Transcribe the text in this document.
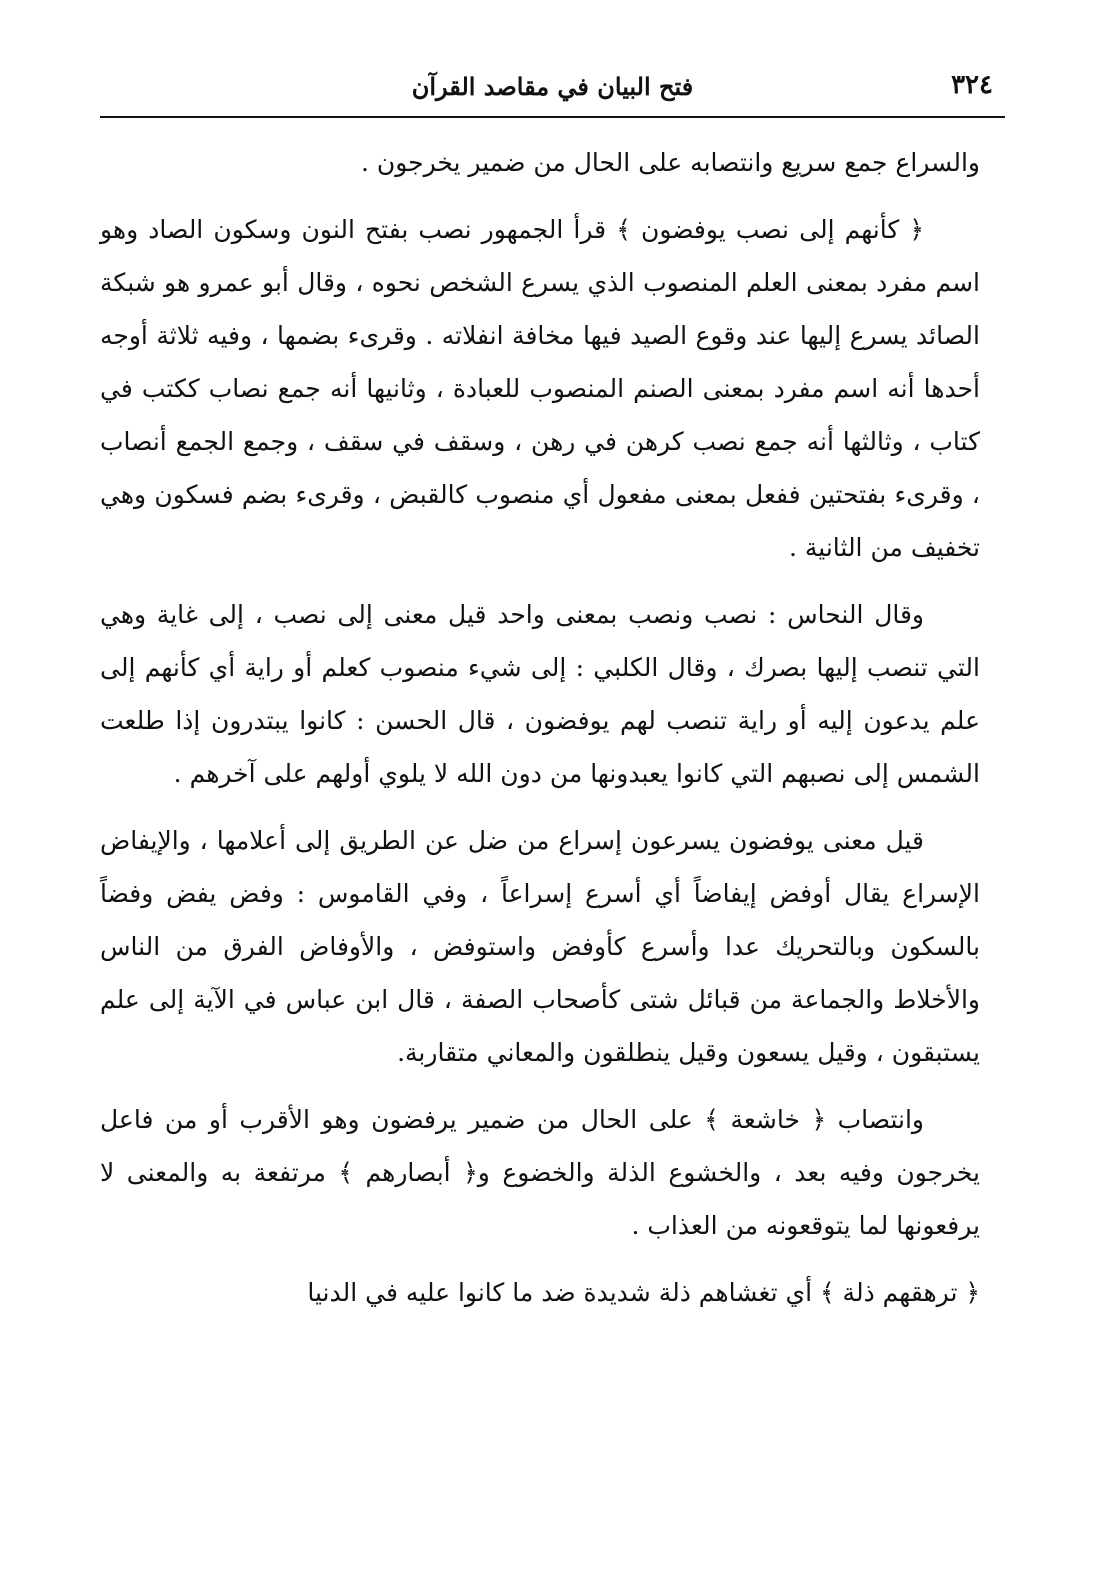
٣٢٤
فتح البيان في مقاصد القرآن

والسراع جمع سريع وانتصابه على الحال من ضمير يخرجون .

﴿ كأنهم إلى نصب يوفضون ﴾ قرأ الجمهور نصب بفتح النون وسكون الصاد وهو اسم مفرد بمعنى العلم المنصوب الذي يسرع الشخص نحوه ، وقال أبو عمرو هو شبكة الصائد يسرع إليها عند وقوع الصيد فيها مخافة انفلاته . وقرىء بضمها ، وفيه ثلاثة أوجه أحدها أنه اسم مفرد بمعنى الصنم المنصوب للعبادة ، وثانيها أنه جمع نصاب ككتب في كتاب ، وثالثها أنه جمع نصب كرهن في رهن ، وسقف في سقف ، وجمع الجمع أنصاب ، وقرىء بفتحتين ففعل بمعنى مفعول أي منصوب كالقبض ، وقرىء بضم فسكون وهي تخفيف من الثانية .

وقال النحاس : نصب ونصب بمعنى واحد قيل معنى إلى نصب ، إلى غاية وهي التي تنصب إليها بصرك ، وقال الكلبي : إلى شيء منصوب كعلم أو راية أي كأنهم إلى علم يدعون إليه أو راية تنصب لهم يوفضون ، قال الحسن : كانوا يبتدرون إذا طلعت الشمس إلى نصبهم التي كانوا يعبدونها من دون الله لا يلوي أولهم على آخرهم .

قيل معنى يوفضون يسرعون إسراع من ضل عن الطريق إلى أعلامها ، والإيفاض الإسراع يقال أوفض إيفاضاً أي أسرع إسراعاً ، وفي القاموس : وفض يفض وفضاً بالسكون وبالتحريك عدا وأسرع كأوفض واستوفض ، والأوفاض الفرق من الناس والأخلاط والجماعة من قبائل شتى كأصحاب الصفة ، قال ابن عباس في الآية إلى علم يستبقون ، وقيل يسعون وقيل ينطلقون والمعاني متقاربة.

وانتصاب ﴿ خاشعة ﴾ على الحال من ضمير يرفضون وهو الأقرب أو من فاعل يخرجون وفيه بعد ، والخشوع الذلة والخضوع و﴿ أبصارهم ﴾ مرتفعة به والمعنى لا يرفعونها لما يتوقعونه من العذاب .

﴿ ترهقهم ذلة ﴾ أي تغشاهم ذلة شديدة ضد ما كانوا عليه في الدنيا
